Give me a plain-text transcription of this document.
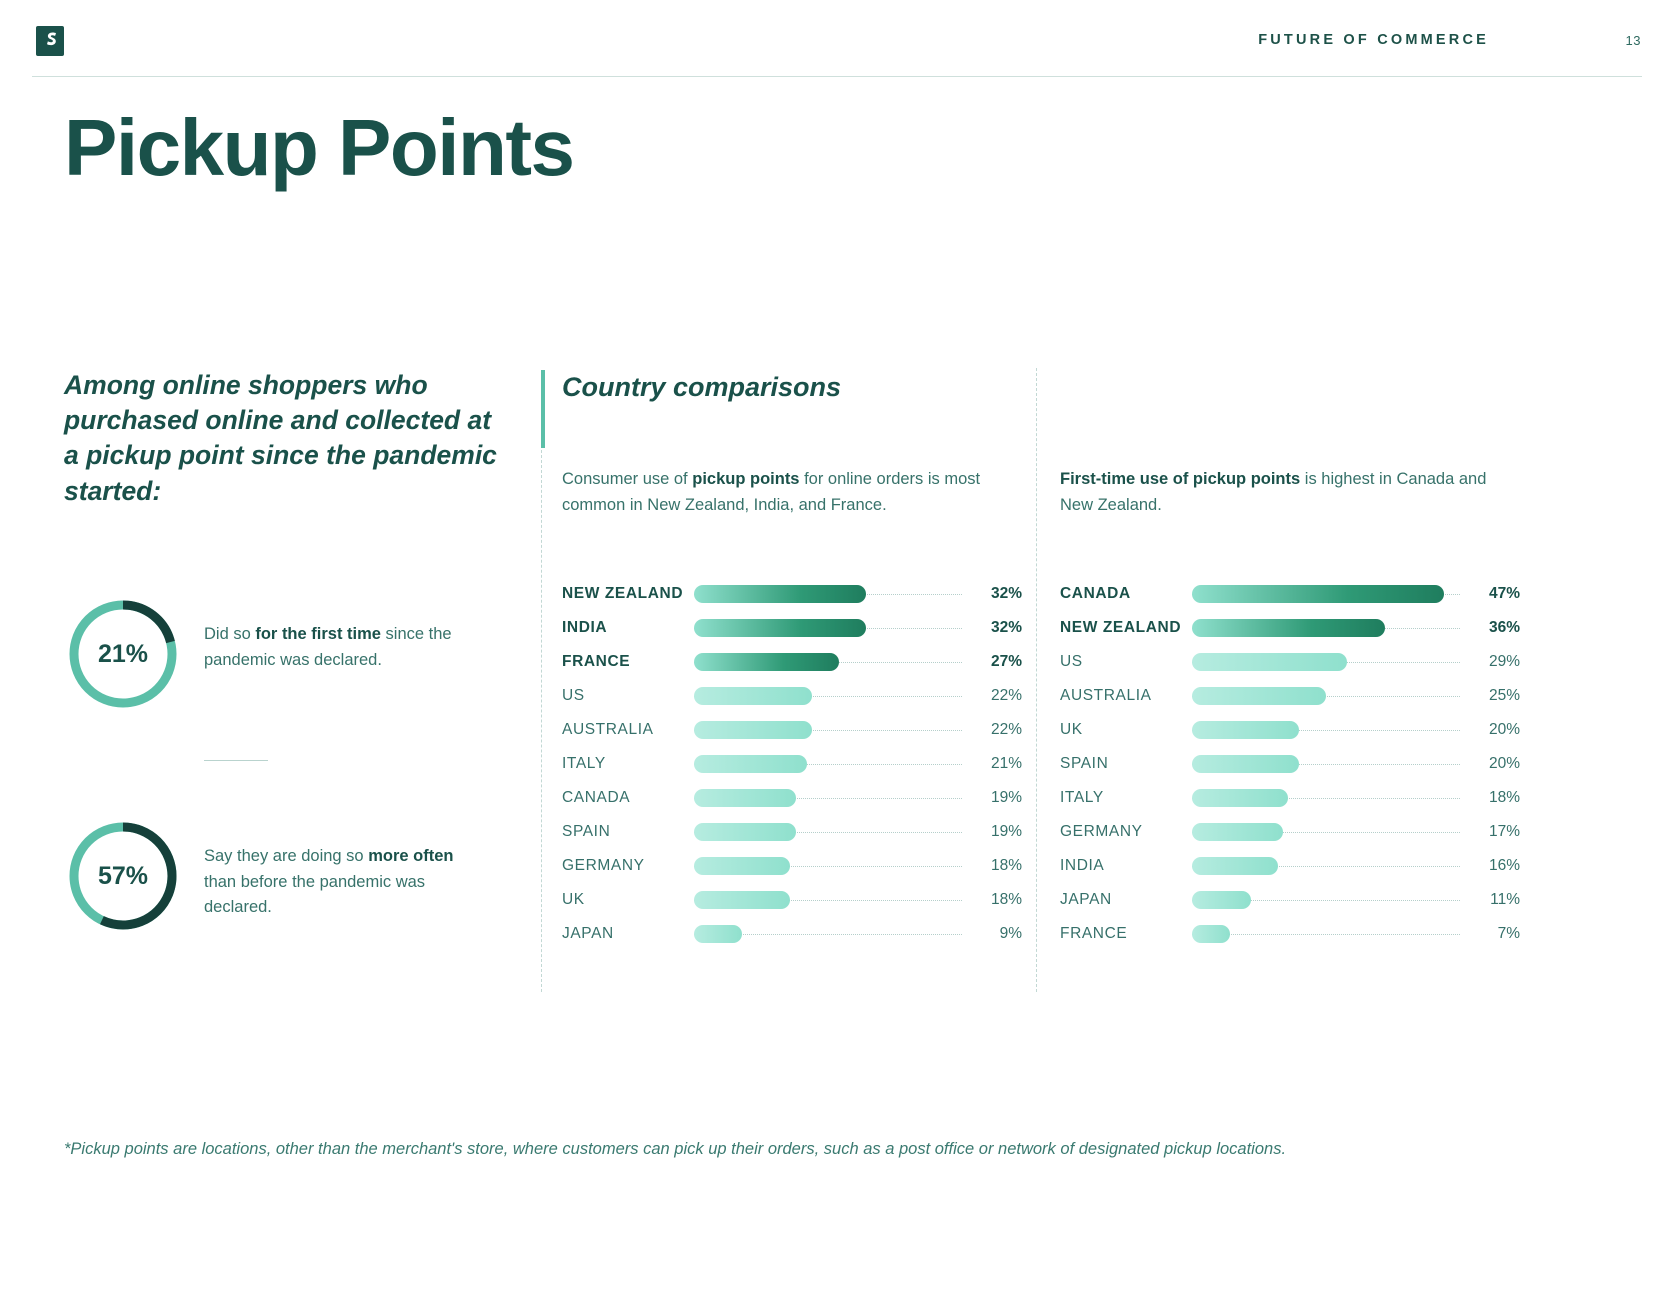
FUTURE OF COMMERCE	13
Pickup Points
Among online shoppers who purchased online and collected at a pickup point since the pandemic started:
21%
Did so for the first time since the pandemic was declared.
57%
Say they are doing so more often than before the pandemic was declared.
Country comparisons
Consumer use of pickup points for online orders is most common in New Zealand, India, and France.
NEW ZEALAND	32%
INDIA	32%
FRANCE	27%
US	22%
AUSTRALIA	22%
ITALY	21%
CANADA	19%
SPAIN	19%
GERMANY	18%
UK	18%
JAPAN	9%
First-time use of pickup points is highest in Canada and New Zealand.
CANADA	47%
NEW ZEALAND	36%
US	29%
AUSTRALIA	25%
UK	20%
SPAIN	20%
ITALY	18%
GERMANY	17%
INDIA	16%
JAPAN	11%
FRANCE	7%
*Pickup points are locations, other than the merchant's store, where customers can pick up their orders, such as a post office or network of designated pickup locations.
